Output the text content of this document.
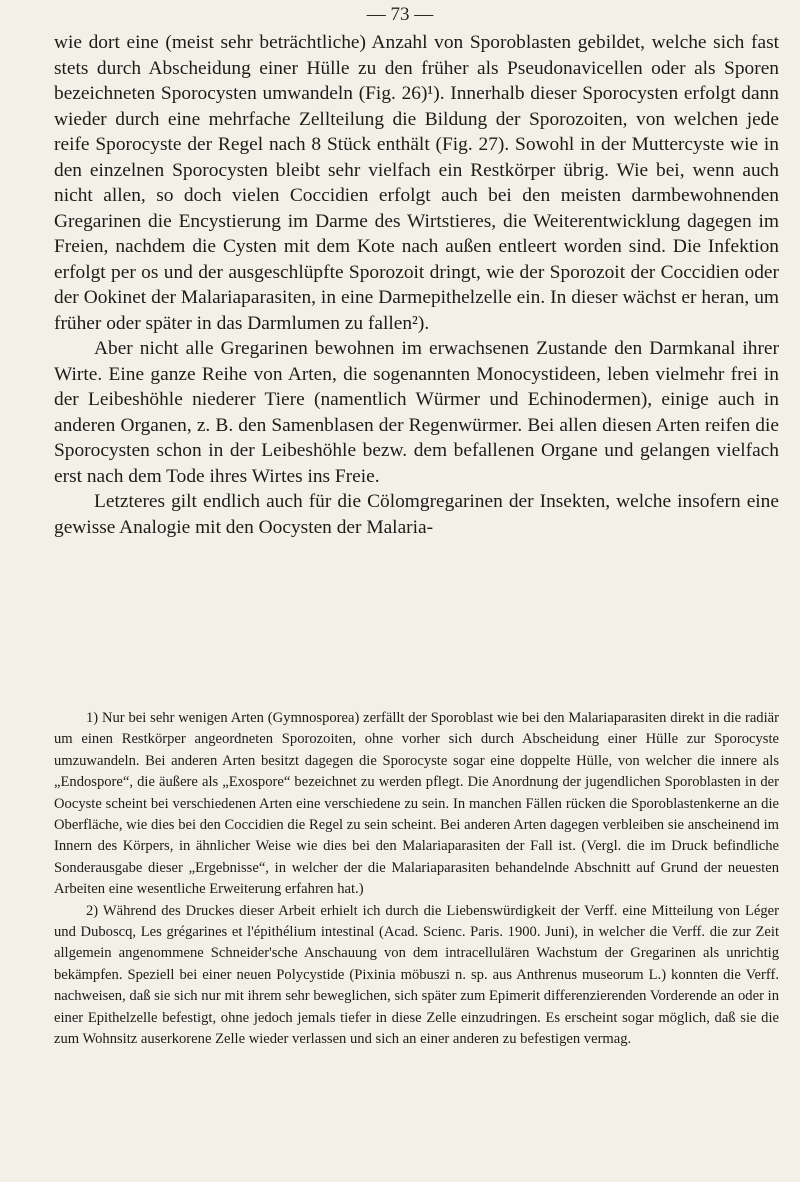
— 73 —

wie dort eine (meist sehr beträchtliche) Anzahl von Sporoblasten gebildet, welche sich fast stets durch Abscheidung einer Hülle zu den früher als Pseudonavicellen oder als Sporen bezeichneten Sporocysten umwandeln (Fig. 26)¹). Innerhalb dieser Sporocysten erfolgt dann wieder durch eine mehrfache Zellteilung die Bildung der Sporozoiten, von welchen jede reife Sporocyste der Regel nach 8 Stück enthält (Fig. 27). Sowohl in der Muttercyste wie in den einzelnen Sporocysten bleibt sehr vielfach ein Restkörper übrig. Wie bei, wenn auch nicht allen, so doch vielen Coccidien erfolgt auch bei den meisten darmbewohnenden Gregarinen die Encystierung im Darme des Wirtstieres, die Weiterentwicklung dagegen im Freien, nachdem die Cysten mit dem Kote nach außen entleert worden sind. Die Infektion erfolgt per os und der ausgeschlüpfte Sporozoit dringt, wie der Sporozoit der Coccidien oder der Ookinet der Malariaparasiten, in eine Darmepithelzelle ein. In dieser wächst er heran, um früher oder später in das Darmlumen zu fallen²).

Aber nicht alle Gregarinen bewohnen im erwachsenen Zustande den Darmkanal ihrer Wirte. Eine ganze Reihe von Arten, die sogenannten Monocystideen, leben vielmehr frei in der Leibeshöhle niederer Tiere (namentlich Würmer und Echinodermen), einige auch in anderen Organen, z. B. den Samenblasen der Regenwürmer. Bei allen diesen Arten reifen die Sporocysten schon in der Leibeshöhle bezw. dem befallenen Organe und gelangen vielfach erst nach dem Tode ihres Wirtes ins Freie.

Letzteres gilt endlich auch für die Cölomgregarinen der Insekten, welche insofern eine gewisse Analogie mit den Oocysten der Malaria-

1) Nur bei sehr wenigen Arten (Gymnosporea) zerfällt der Sporoblast wie bei den Malariaparasiten direkt in die radiär um einen Restkörper angeordneten Sporozoiten, ohne vorher sich durch Abscheidung einer Hülle zur Sporocyste umzuwandeln. Bei anderen Arten besitzt dagegen die Sporocyste sogar eine doppelte Hülle, von welcher die innere als „Endospore“, die äußere als „Exospore“ bezeichnet zu werden pflegt. Die Anordnung der jugendlichen Sporoblasten in der Oocyste scheint bei verschiedenen Arten eine verschiedene zu sein. In manchen Fällen rücken die Sporoblastenkerne an die Oberfläche, wie dies bei den Coccidien die Regel zu sein scheint. Bei anderen Arten dagegen verbleiben sie anscheinend im Innern des Körpers, in ähnlicher Weise wie dies bei den Malariaparasiten der Fall ist. (Vergl. die im Druck befindliche Sonderausgabe dieser „Ergebnisse“, in welcher der die Malariaparasiten behandelnde Abschnitt auf Grund der neuesten Arbeiten eine wesentliche Erweiterung erfahren hat.)

2) Während des Druckes dieser Arbeit erhielt ich durch die Liebenswürdigkeit der Verff. eine Mitteilung von Léger und Duboscq, Les grégarines et l'épithélium intestinal (Acad. Scienc. Paris. 1900. Juni), in welcher die Verff. die zur Zeit allgemein angenommene Schneider'sche Anschauung von dem intracellulären Wachstum der Gregarinen als unrichtig bekämpfen. Speziell bei einer neuen Polycystide (Pixinia möbuszi n. sp. aus Anthrenus museorum L.) konnten die Verff. nachweisen, daß sie sich nur mit ihrem sehr beweglichen, sich später zum Epimerit differenzierenden Vorderende an oder in einer Epithelzelle befestigt, ohne jedoch jemals tiefer in diese Zelle einzudringen. Es erscheint sogar möglich, daß sie die zum Wohnsitz auserkorene Zelle wieder verlassen und sich an einer anderen zu befestigen vermag.
